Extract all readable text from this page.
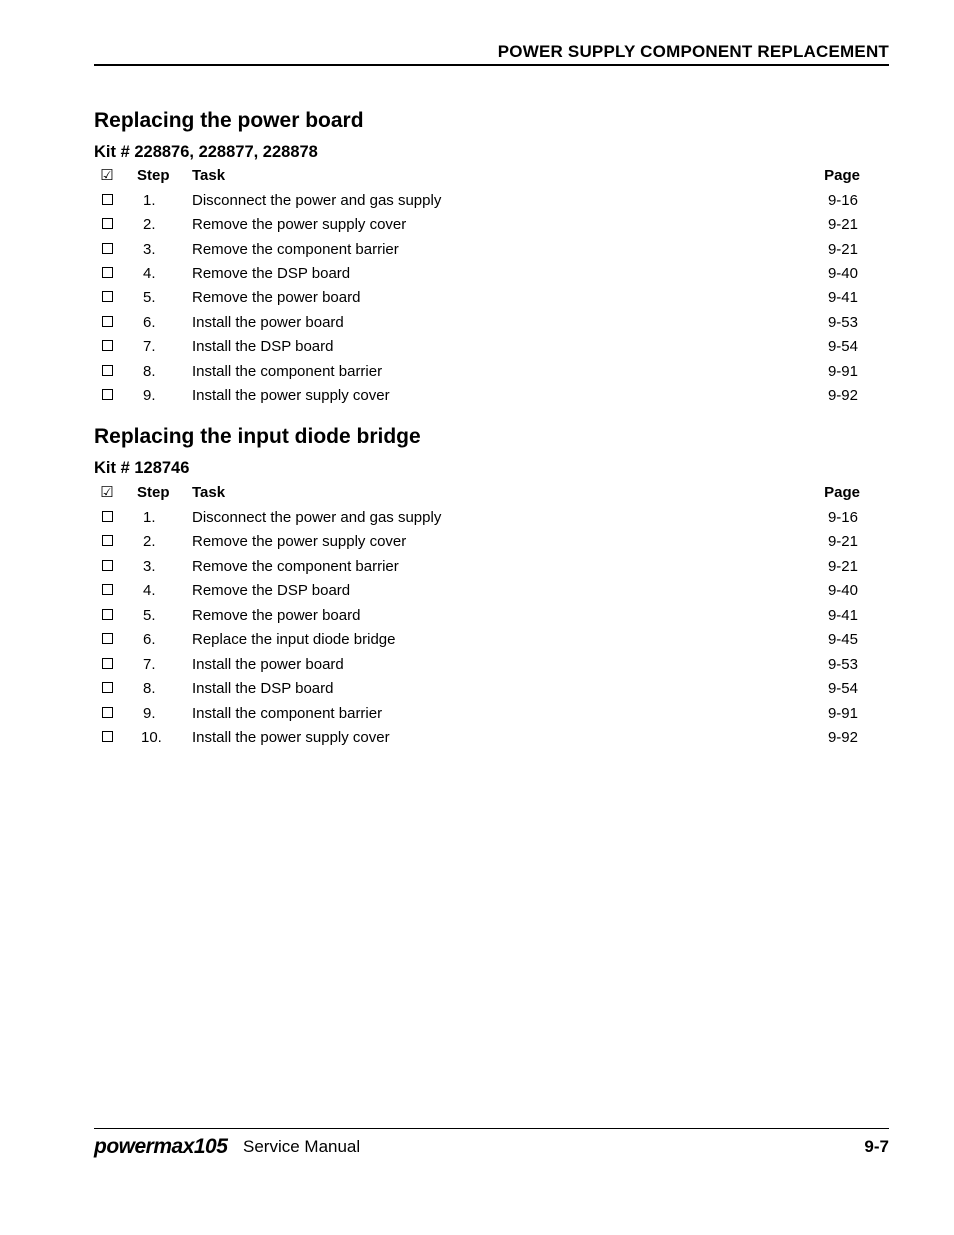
POWER SUPPLY COMPONENT REPLACEMENT
Replacing the power board
Kit # 228876, 228877, 228878
☑ Step Task	Page
1. Disconnect the power and gas supply	9-16
2. Remove the power supply cover	9-21
3. Remove the component barrier	9-21
4. Remove the DSP board	9-40
5. Remove the power board	9-41
6. Install the power board	9-53
7. Install the DSP board	9-54
8. Install the component barrier	9-91
9. Install the power supply cover	9-92
Replacing the input diode bridge
Kit # 128746
☑ Step Task	Page
1. Disconnect the power and gas supply	9-16
2. Remove the power supply cover	9-21
3. Remove the component barrier	9-21
4. Remove the DSP board	9-40
5. Remove the power board	9-41
6. Replace the input diode bridge	9-45
7. Install the power board	9-53
8. Install the DSP board	9-54
9. Install the component barrier	9-91
10. Install the power supply cover	9-92
powermax105 Service Manual	9-7
